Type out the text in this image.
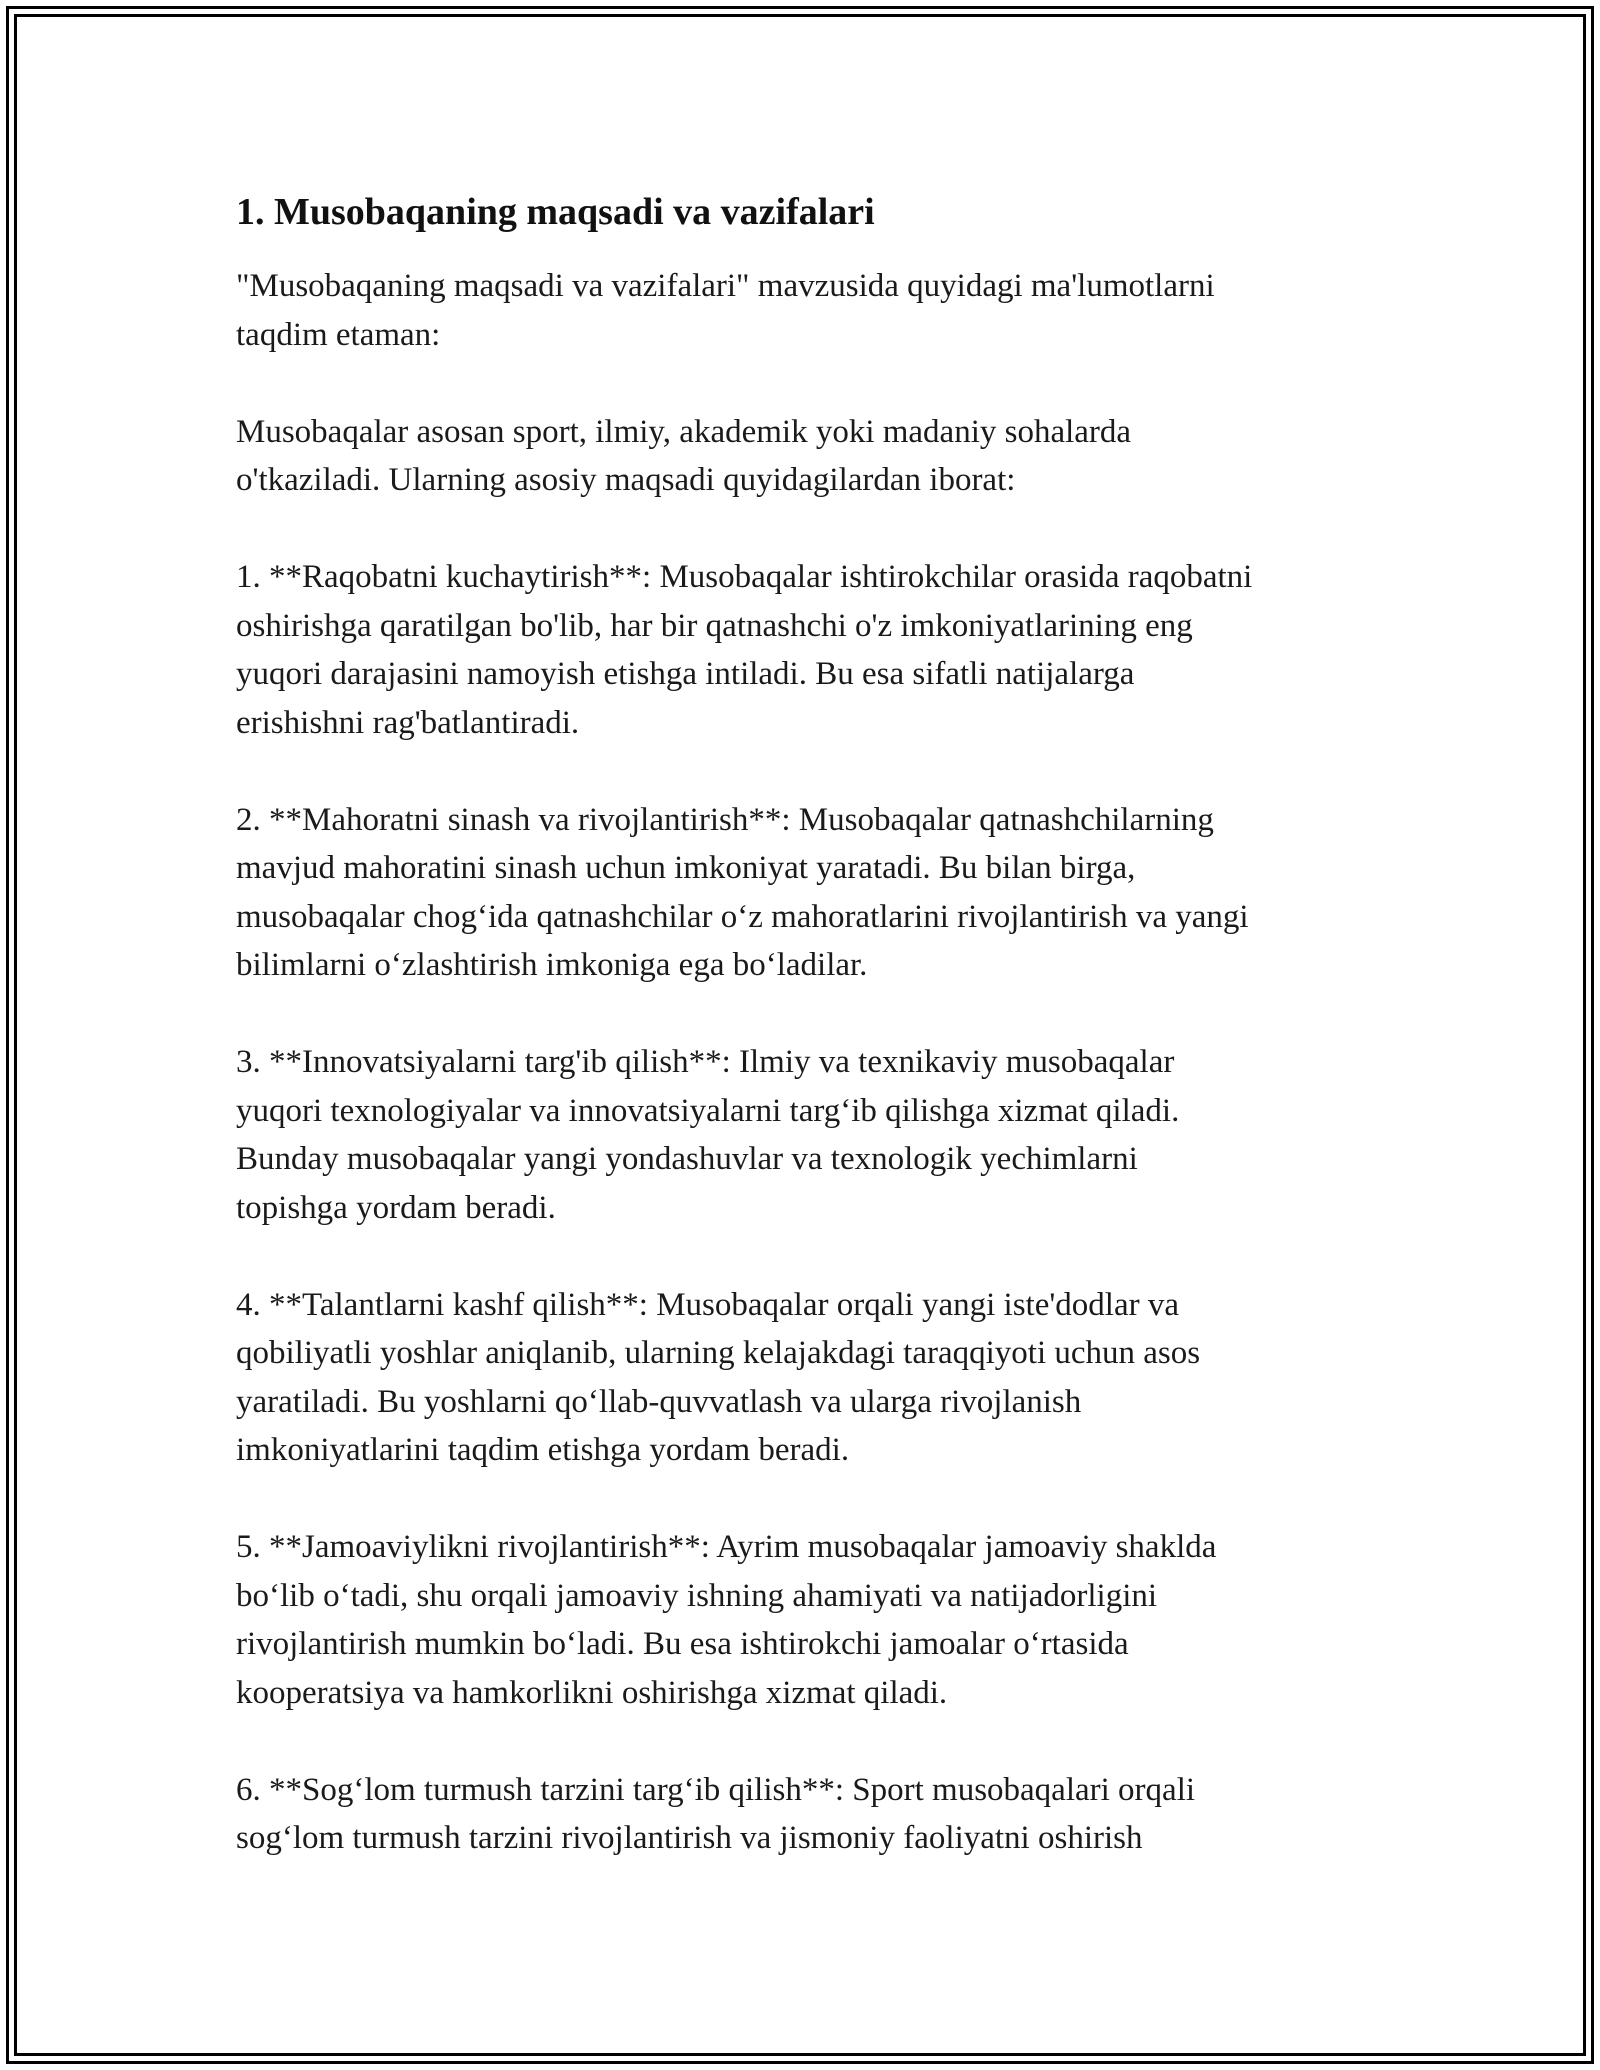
1. Musobaqaning maqsadi va vazifalari

"Musobaqaning maqsadi va vazifalari" mavzusida quyidagi ma'lumotlarni
taqdim etaman:

Musobaqalar asosan sport, ilmiy, akademik yoki madaniy sohalarda
o'tkaziladi. Ularning asosiy maqsadi quyidagilardan iborat:

1. **Raqobatni kuchaytirish**: Musobaqalar ishtirokchilar orasida raqobatni
oshirishga qaratilgan bo'lib, har bir qatnashchi o'z imkoniyatlarining eng
yuqori darajasini namoyish etishga intiladi. Bu esa sifatli natijalarga
erishishni rag'batlantiradi.

2. **Mahoratni sinash va rivojlantirish**: Musobaqalar qatnashchilarning
mavjud mahoratini sinash uchun imkoniyat yaratadi. Bu bilan birga,
musobaqalar chog‘ida qatnashchilar o‘z mahoratlarini rivojlantirish va yangi
bilimlarni o‘zlashtirish imkoniga ega bo‘ladilar.

3. **Innovatsiyalarni targ'ib qilish**: Ilmiy va texnikaviy musobaqalar
yuqori texnologiyalar va innovatsiyalarni targ‘ib qilishga xizmat qiladi.
Bunday musobaqalar yangi yondashuvlar va texnologik yechimlarni
topishga yordam beradi.

4. **Talantlarni kashf qilish**: Musobaqalar orqali yangi iste'dodlar va
qobiliyatli yoshlar aniqlanib, ularning kelajakdagi taraqqiyoti uchun asos
yaratiladi. Bu yoshlarni qo‘llab-quvvatlash va ularga rivojlanish
imkoniyatlarini taqdim etishga yordam beradi.

5. **Jamoaviylikni rivojlantirish**: Ayrim musobaqalar jamoaviy shaklda
bo‘lib o‘tadi, shu orqali jamoaviy ishning ahamiyati va natijadorligini
rivojlantirish mumkin bo‘ladi. Bu esa ishtirokchi jamoalar o‘rtasida
kooperatsiya va hamkorlikni oshirishga xizmat qiladi.

6. **Sog‘lom turmush tarzini targ‘ib qilish**: Sport musobaqalari orqali
sog‘lom turmush tarzini rivojlantirish va jismoniy faoliyatni oshirish
